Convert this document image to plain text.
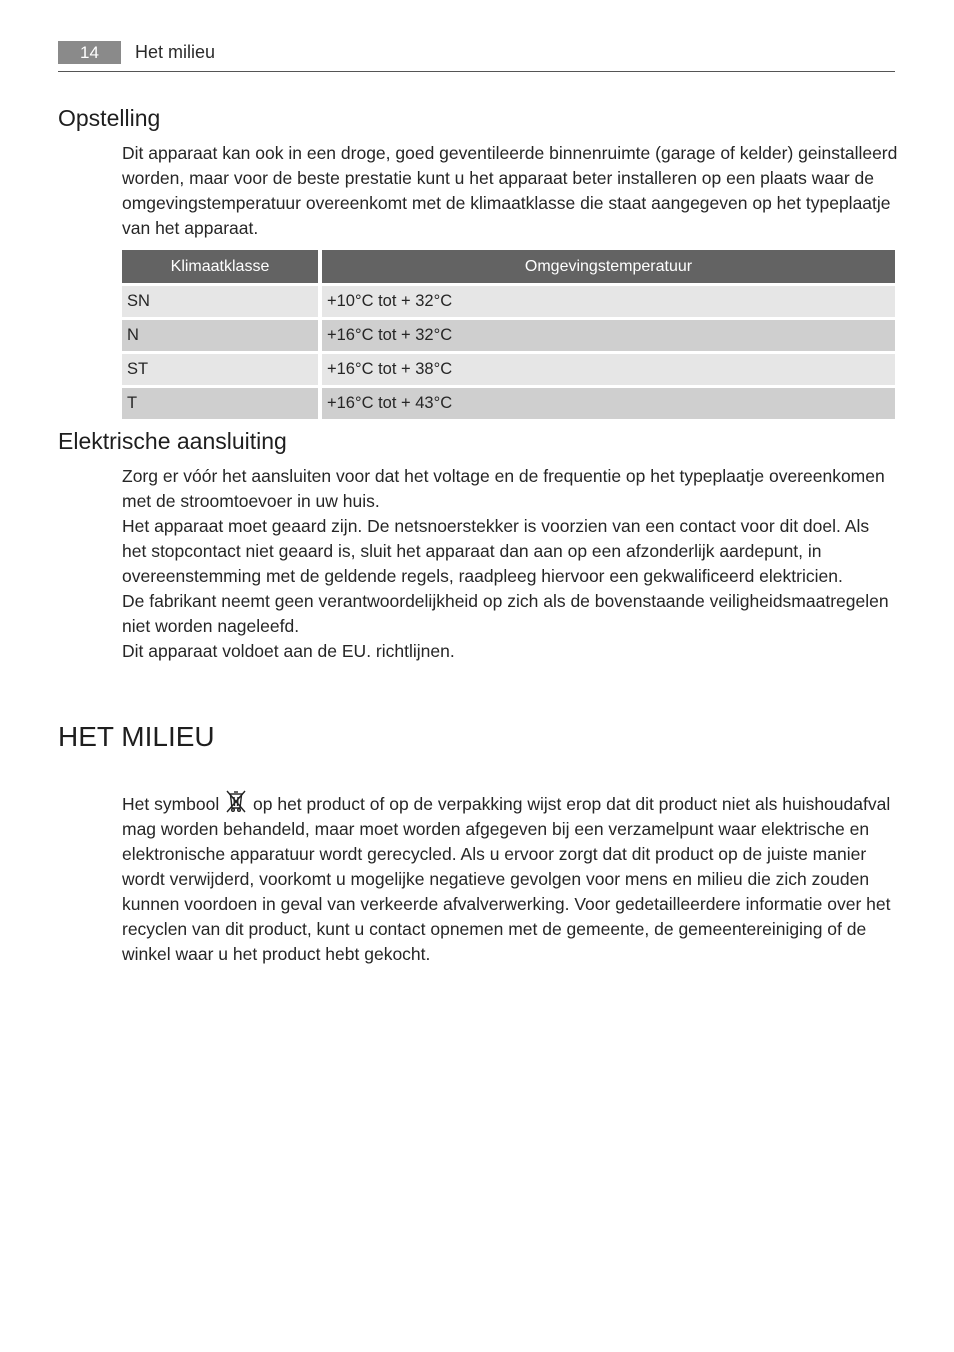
14	Het milieu
Opstelling

Dit apparaat kan ook in een droge, goed geventileerde binnenruimte (garage of kelder) geinstalleerd worden, maar voor de beste prestatie kunt u het apparaat beter installeren op een plaats waar de omgevingstemperatuur overeenkomt met de klimaatklasse die staat aangegeven op het typeplaatje van het apparaat.

Klimaatklasse		Omgevingstemperatuur
SN		+10°C tot + 32°C
N		+16°C tot + 32°C
ST		+16°C tot + 38°C
T		+16°C tot + 43°C
Elektrische aansluiting

Zorg er vóór het aansluiten voor dat het voltage en de frequentie op het typeplaatje overeenkomen met de stroomtoevoer in uw huis.

Het apparaat moet geaard zijn. De netsnoerstekker is voorzien van een contact voor dit doel. Als het stopcontact niet geaard is, sluit het apparaat dan aan op een afzonderlijk aardepunt, in overeenstemming met de geldende regels, raadpleeg hiervoor een gekwalificeerd elektricien.

De fabrikant neemt geen verantwoordelijkheid op zich als de bovenstaande veiligheidsmaatregelen niet worden nageleefd.

Dit apparaat voldoet aan de EU. richtlijnen.

HET MILIEU

Het symbool op het product of op de verpakking wijst erop dat dit product niet als huishoudafval mag worden behandeld, maar moet worden afgegeven bij een verzamelpunt waar elektrische en elektronische apparatuur wordt gerecycled. Als u ervoor zorgt dat dit product op de juiste manier wordt verwijderd, voorkomt u mogelijke negatieve gevolgen voor mens en milieu die zich zouden kunnen voordoen in geval van verkeerde afvalverwerking. Voor gedetailleerdere informatie over het recyclen van dit product, kunt u contact opnemen met de gemeente, de gemeentereiniging of de winkel waar u het product hebt gekocht.
